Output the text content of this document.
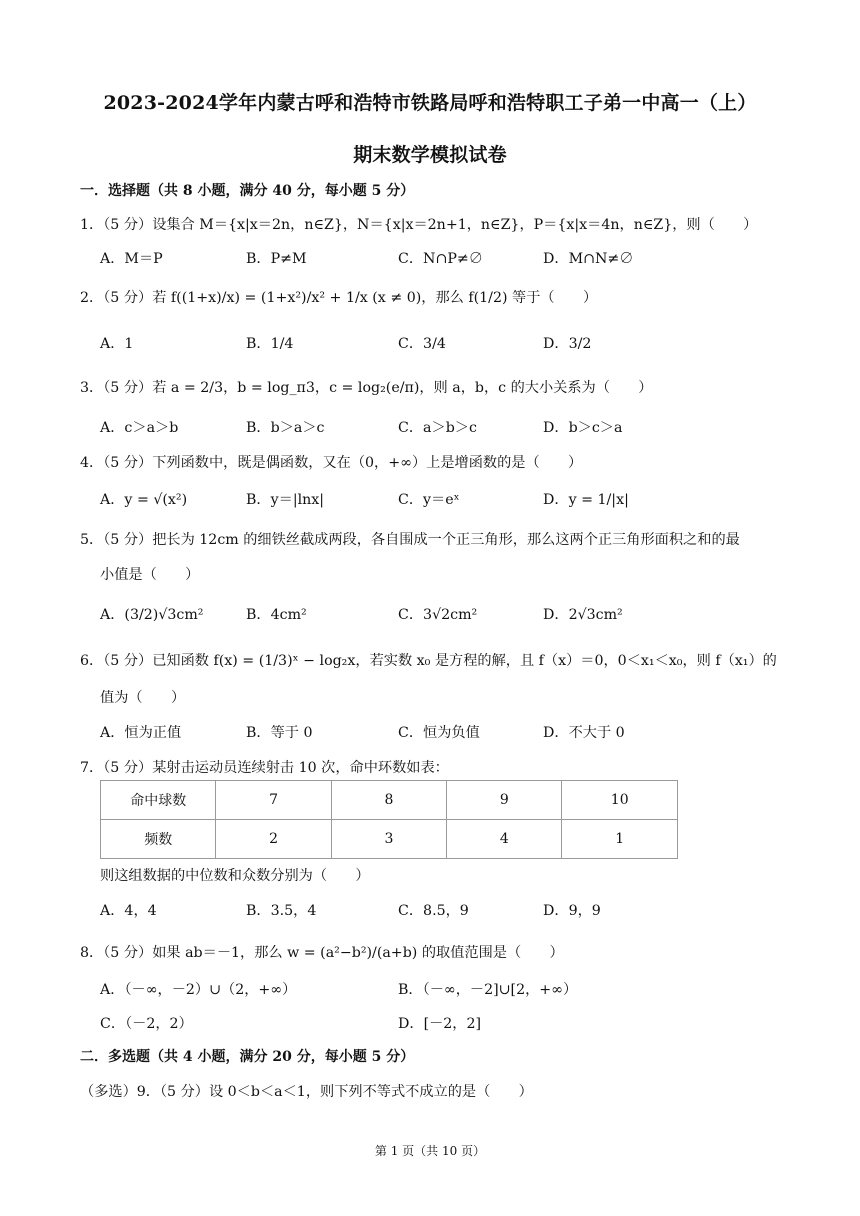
2023-2024学年内蒙古呼和浩特市铁路局呼和浩特职工子弟一中高一（上）
期末数学模拟试卷
一．选择题（共 8 小题，满分 40 分，每小题 5 分）
1．（5 分）设集合 M＝{x|x＝2n，n∈Z}，N＝{x|x＝2n+1，n∈Z}，P＝{x|x＝4n，n∈Z}，则（　　）
A．M＝P	B．P≠M	C．N∩P≠∅	D．M∩N≠∅
2．（5 分）若 f((1+x)/x) = (1+x²)/x² + 1/x (x ≠ 0)，那么 f(1/2) 等于（　　）
A．1	B．1/4	C．3/4	D．3/2
3．（5 分）若 a = 2/3，b = log_π3，c = log₂(e/π)，则 a，b，c 的大小关系为（　　）
A．c＞a＞b	B．b＞a＞c	C．a＞b＞c	D．b＞c＞a
4．（5 分）下列函数中，既是偶函数，又在（0，+∞）上是增函数的是（　　）
A．y = √(x²)	B．y＝|lnx|	C．y＝eˣ	D．y = 1/|x|
5．（5 分）把长为 12cm 的细铁丝截成两段，各自围成一个正三角形，那么这两个正三角形面积之和的最
小值是（　　）
A．(3/2)√3cm²	B．4cm²	C．3√2cm²	D．2√3cm²
6．（5 分）已知函数 f(x) = (1/3)ˣ − log₂x，若实数 x₀ 是方程的解，且 f（x）＝0，0＜x₁＜x₀，则 f（x₁）的
值为（　　）
A．恒为正值	B．等于 0	C．恒为负值	D．不大于 0
7．（5 分）某射击运动员连续射击 10 次，命中环数如表：
命中球数	7	8	9	10
频数	2	3	4	1
则这组数据的中位数和众数分别为（　　）
A．4，4	B．3.5，4	C．8.5，9	D．9，9
8．（5 分）如果 ab＝－1，那么 w = (a²−b²)/(a+b) 的取值范围是（　　）
A．（－∞，－2）∪（2，+∞）	B．（－∞，－2]∪[2，+∞）
C．（－2，2）	D．[－2，2]
二．多选题（共 4 小题，满分 20 分，每小题 5 分）
（多选）9．（5 分）设 0＜b＜a＜1，则下列不等式不成立的是（　　）
第 1 页（共 10 页）
